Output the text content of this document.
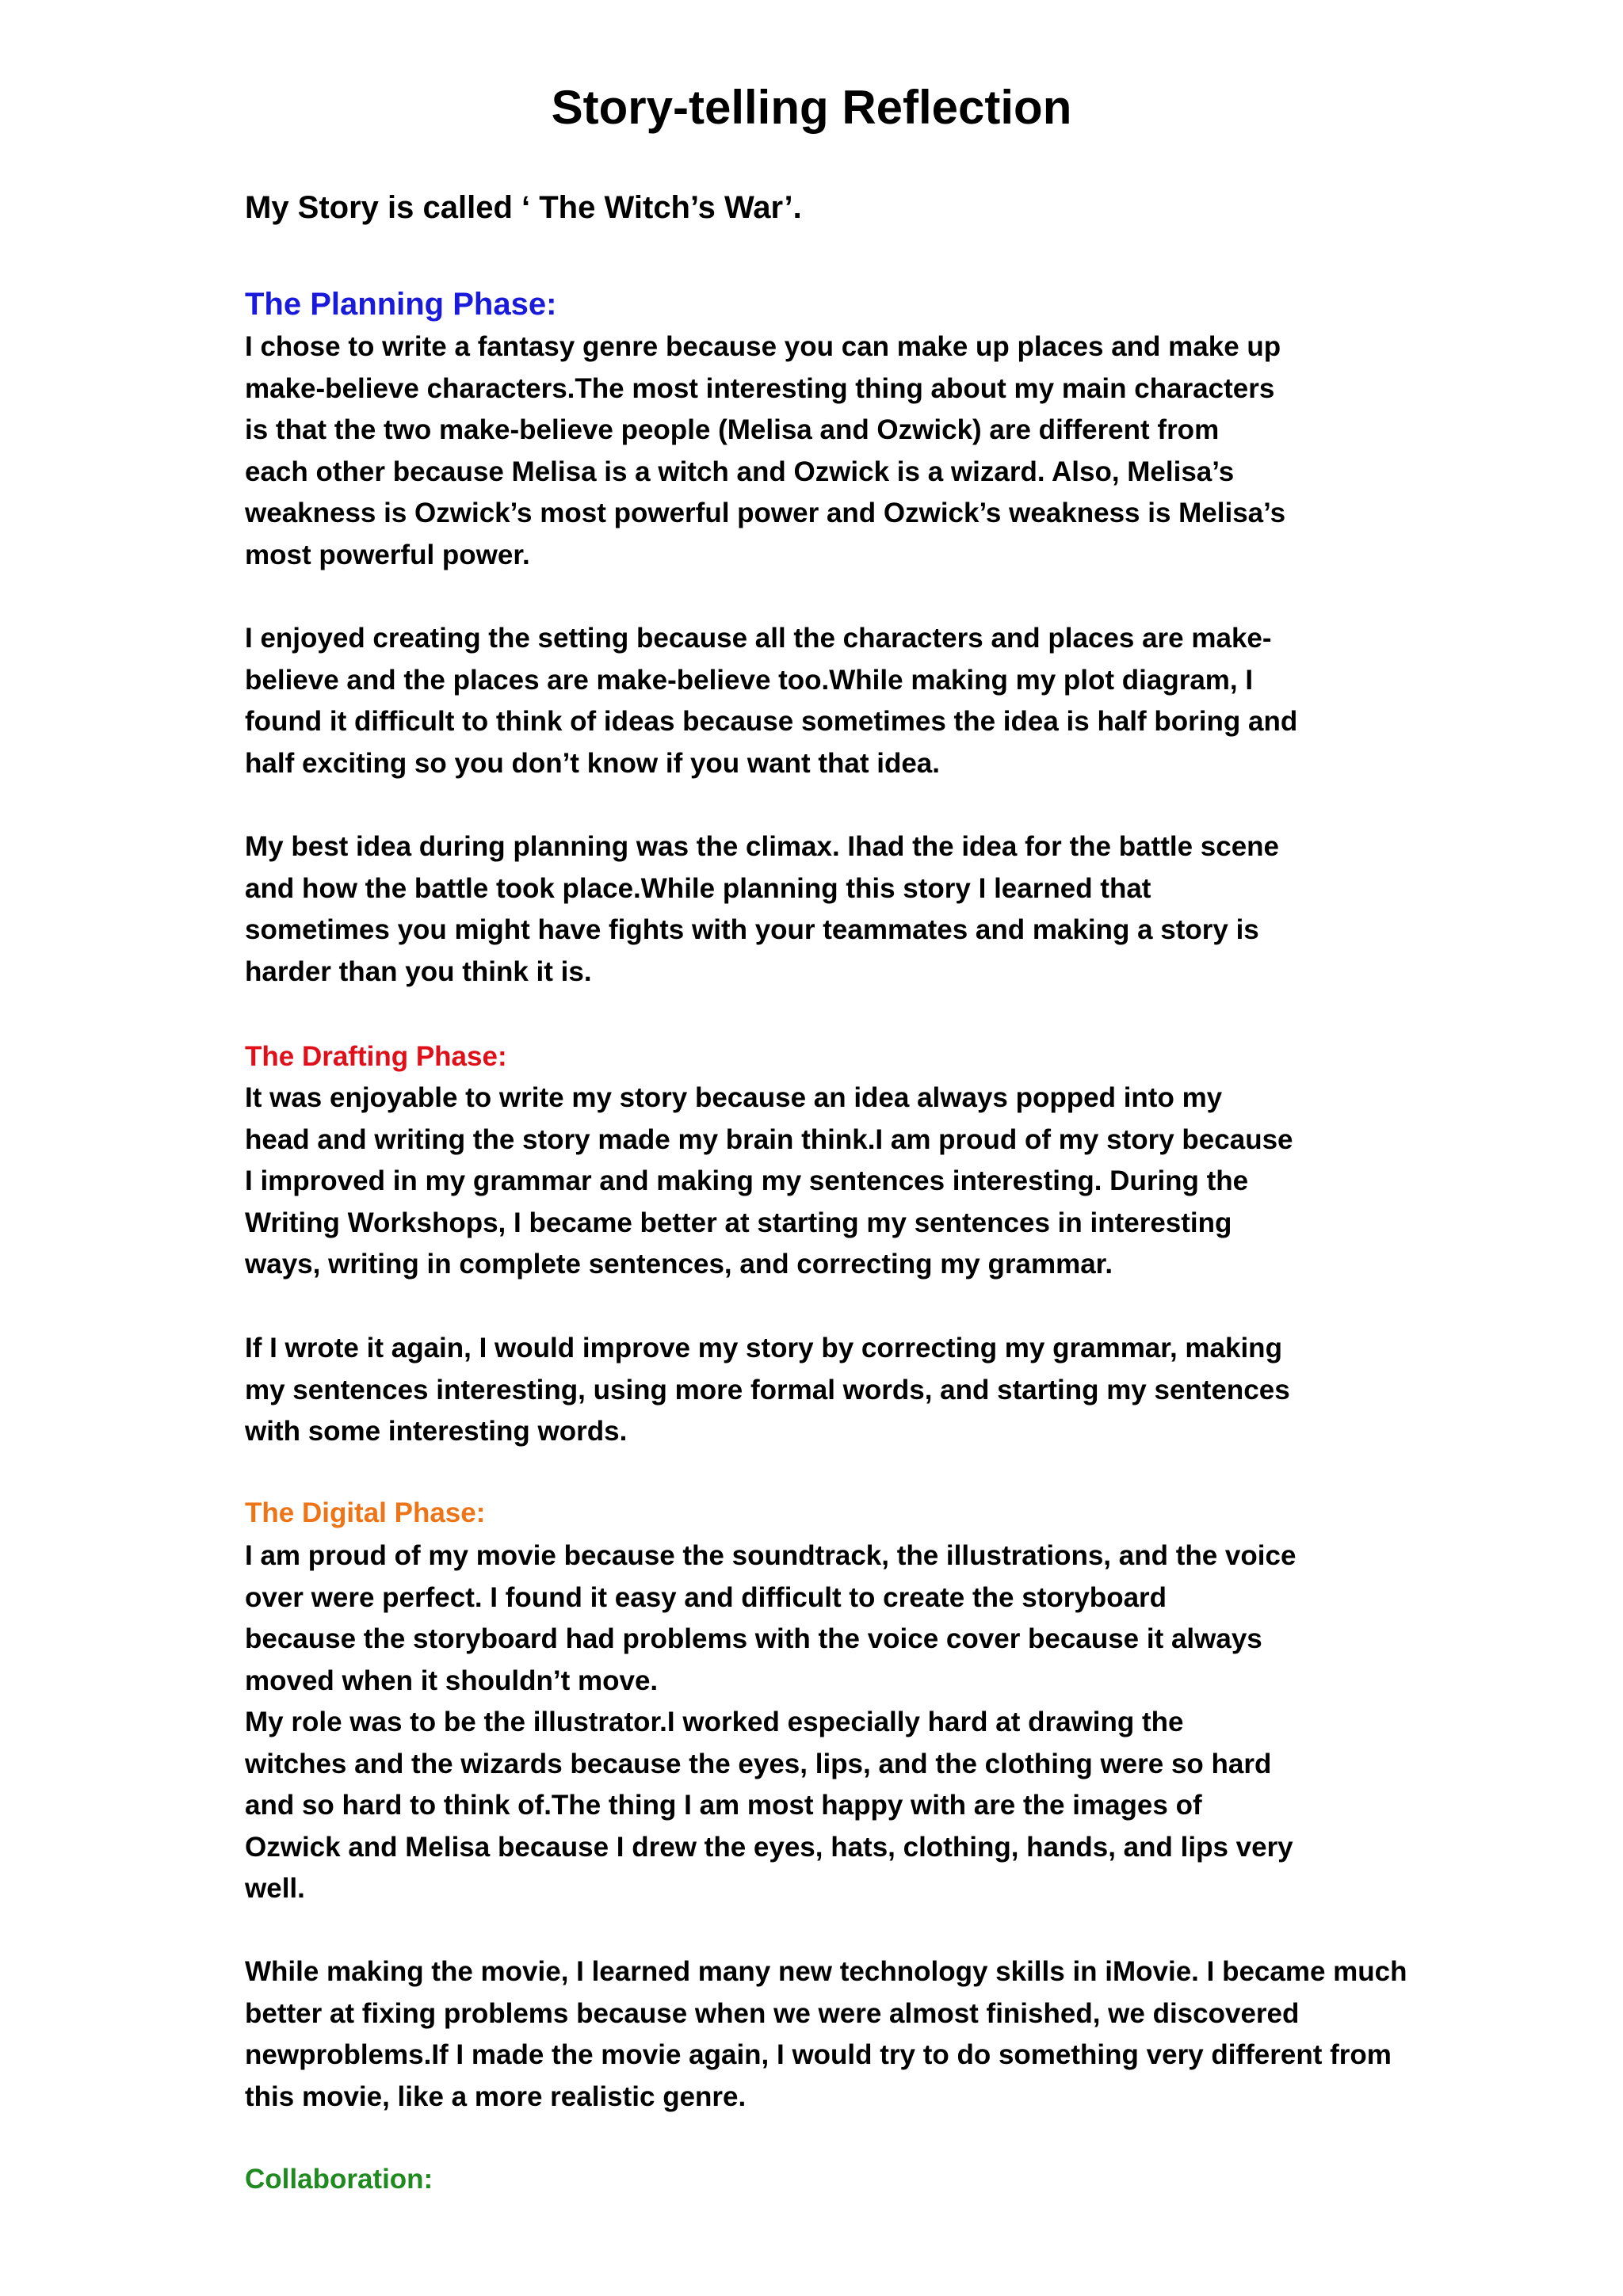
Story-telling Reflection

My Story is called ‘ The Witch’s War’.

The Planning Phase:
I chose to write a fantasy genre because you can make up places and make up
make-believe characters.The most interesting thing about my main characters
is that the two make-believe people (Melisa and Ozwick) are different from
each other because Melisa is a witch and Ozwick is a wizard. Also, Melisa’s
weakness is Ozwick’s most powerful power and Ozwick’s weakness is Melisa’s
most powerful power.
I enjoyed creating the setting because all the characters and places are make-
believe and the places are make-believe too.While making my plot diagram, I
found it difficult to think of ideas because sometimes the idea is half boring and
half exciting so you don’t know if you want that idea.
My best idea during planning was the climax. Ihad the idea for the battle scene
and how the battle took place.While planning this story I learned that
sometimes you might have fights with your teammates and making a story is
harder than you think it is.
The Drafting Phase:
It was enjoyable to write my story because an idea always popped into my
head and writing the story made my brain think.I am proud of my story because
I improved in my grammar and making my sentences interesting. During the
Writing Workshops, I became better at starting my sentences in interesting
ways, writing in complete sentences, and correcting my grammar.
If I wrote it again, I would improve my story by correcting my grammar, making
my sentences interesting, using more formal words, and starting my sentences
with some interesting words.
The Digital Phase:
I am proud of my movie because the soundtrack, the illustrations, and the voice
over were perfect. I found it easy and difficult to create the storyboard
because the storyboard had problems with the voice cover because it always
moved when it shouldn’t move.
My role was to be the illustrator.I worked especially hard at drawing the
witches and the wizards because the eyes, lips, and the clothing were so hard
and so hard to think of.The thing I am most happy with are the images of
Ozwick and Melisa because I drew the eyes, hats, clothing, hands, and lips very
well.
While making the movie, I learned many new technology skills in iMovie. I became much
better at fixing problems because when we were almost finished, we discovered
newproblems.If I made the movie again, I would try to do something very different from
this movie, like a more realistic genre.
Collaboration:
